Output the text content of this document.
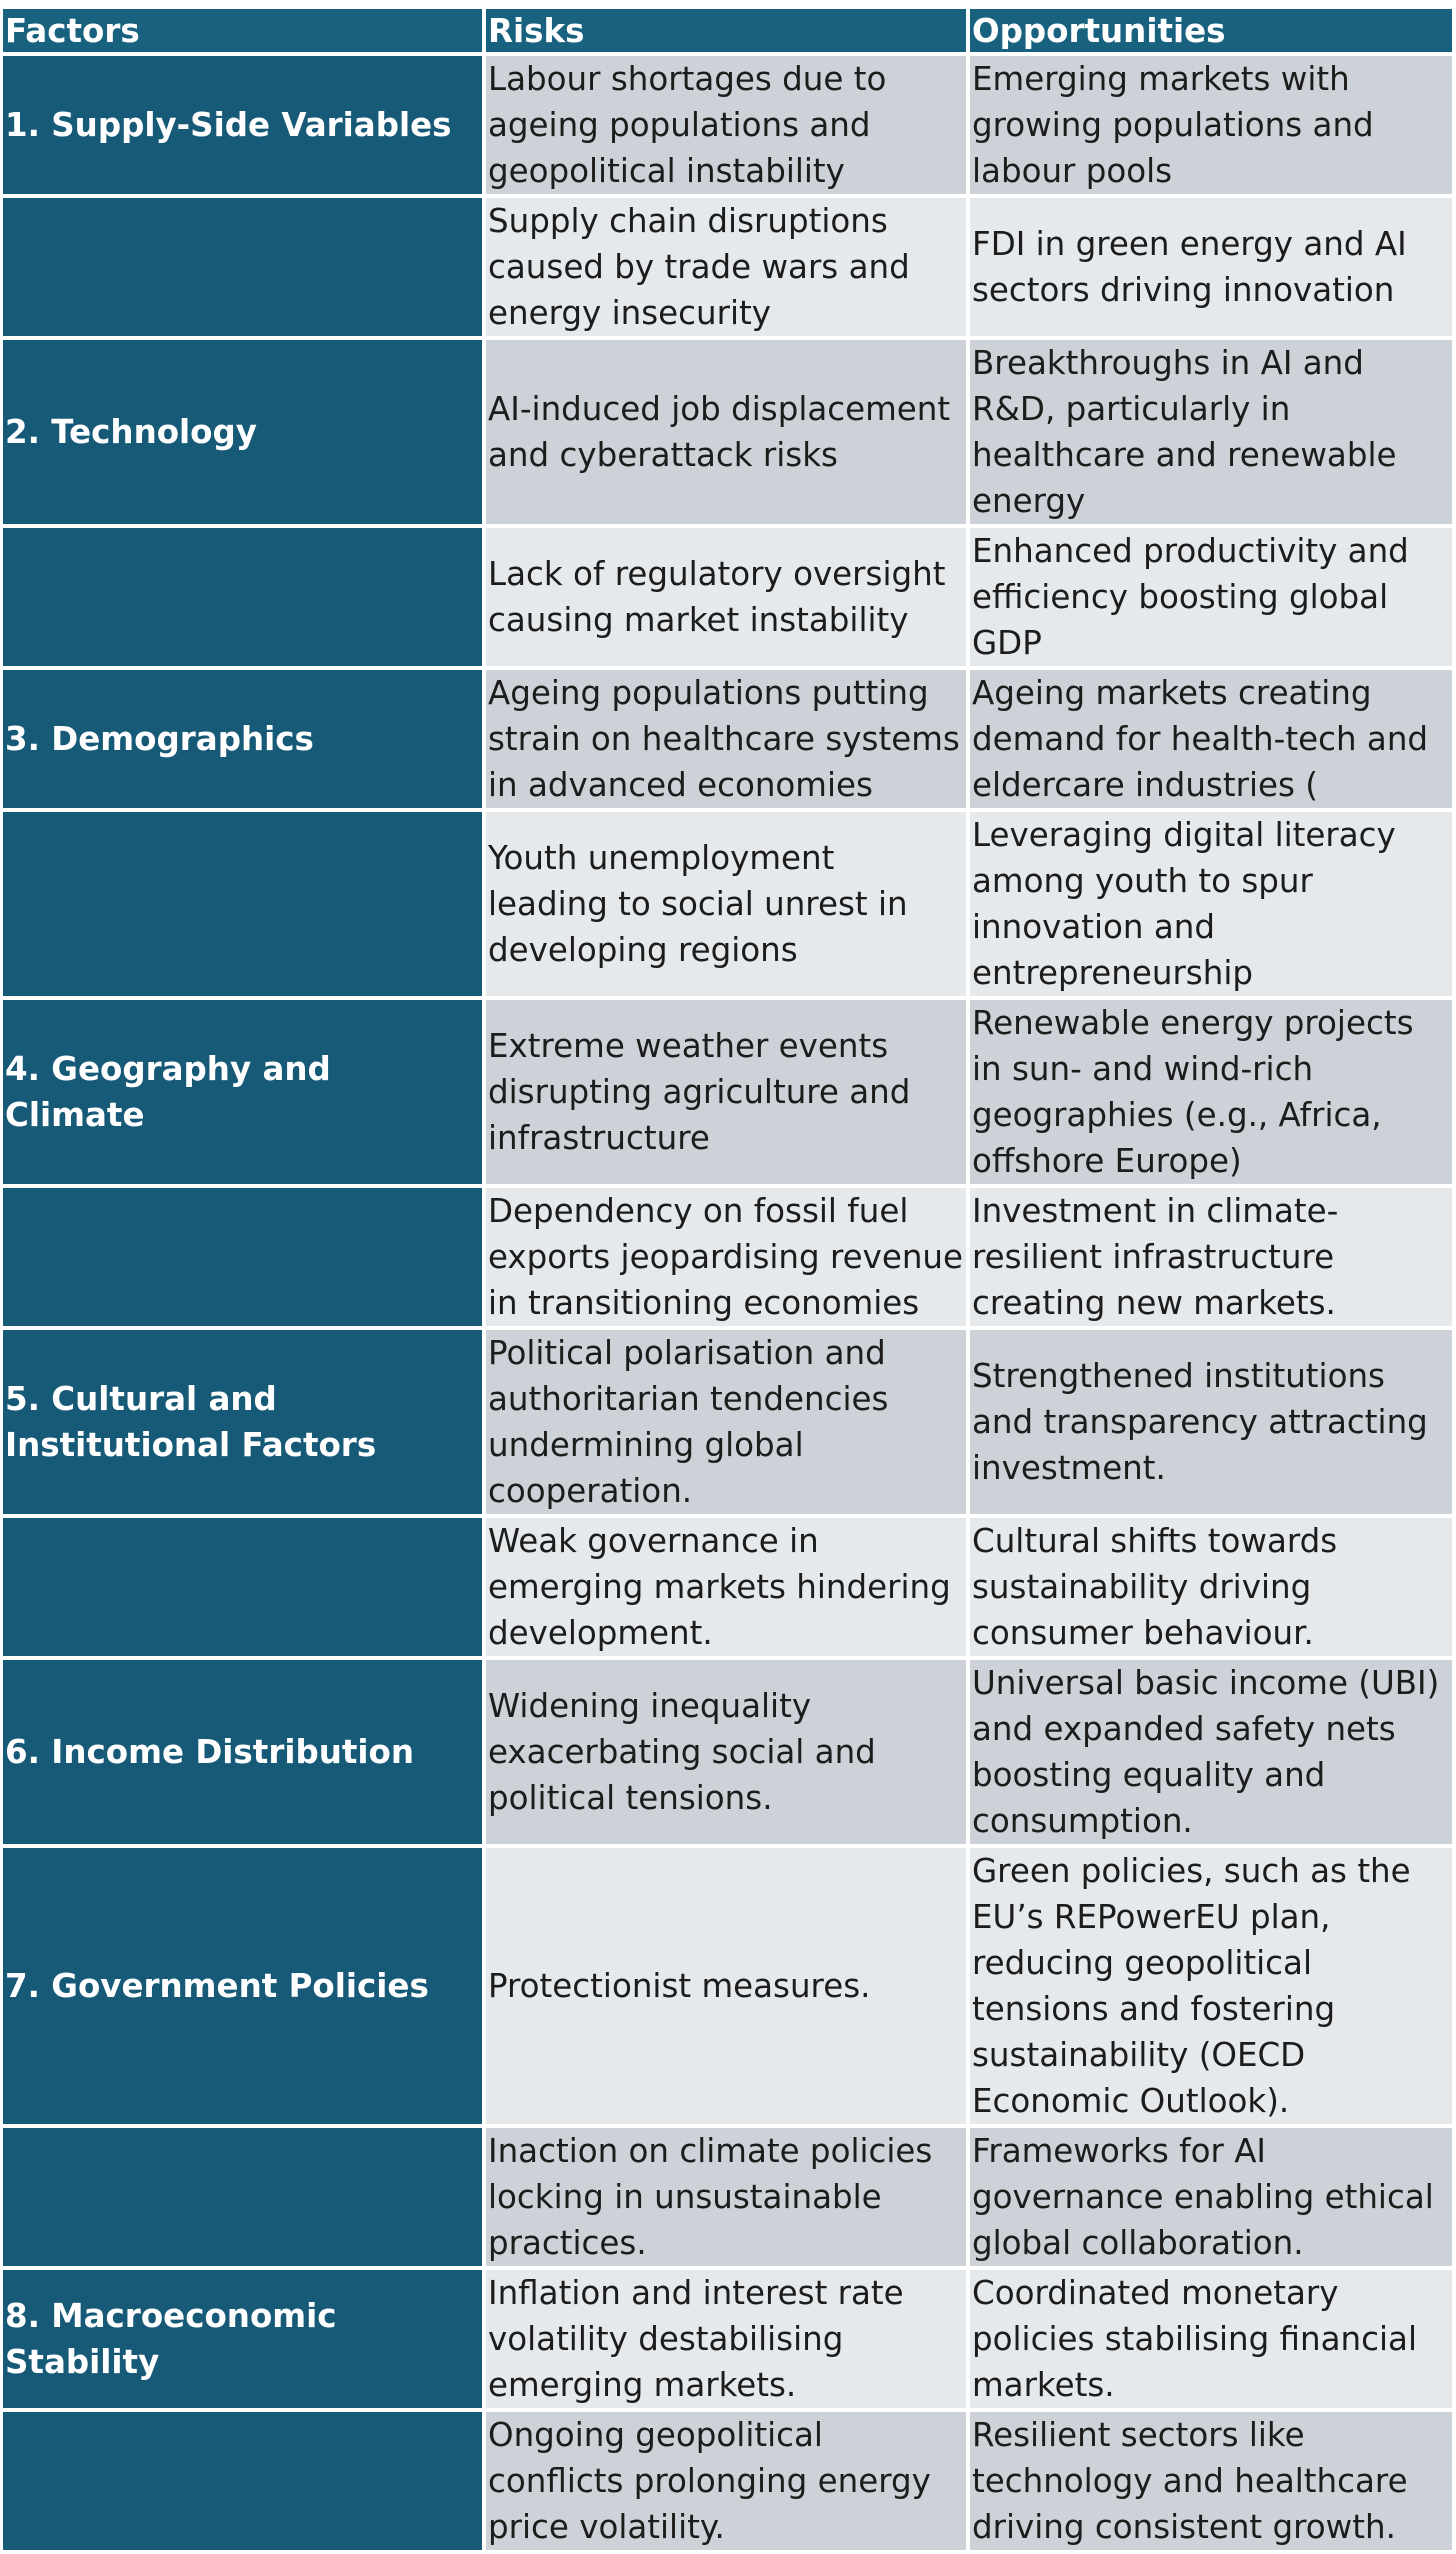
Factors	Risks	Opportunities
1. Supply-Side Variables	Labour shortages due to ageing populations and geopolitical instability	Emerging markets with growing populations and labour pools
	Supply chain disruptions caused by trade wars and energy insecurity	FDI in green energy and AI sectors driving innovation
2. Technology	AI-induced job displacement and cyberattack risks	Breakthroughs in AI and R&D, particularly in healthcare and renewable energy
	Lack of regulatory oversight causing market instability	Enhanced productivity and efficiency boosting global GDP
3. Demographics	Ageing populations putting strain on healthcare systems in advanced economies	Ageing markets creating demand for health-tech and eldercare industries (
	Youth unemployment leading to social unrest in developing regions	Leveraging digital literacy among youth to spur innovation and entrepreneurship
4. Geography and Climate	Extreme weather events disrupting agriculture and infrastructure	Renewable energy projects in sun- and wind-rich geographies (e.g., Africa, offshore Europe)
	Dependency on fossil fuel exports jeopardising revenue in transitioning economies	Investment in climate-resilient infrastructure creating new markets.
5. Cultural and Institutional Factors	Political polarisation and authoritarian tendencies undermining global cooperation.	Strengthened institutions and transparency attracting investment.
	Weak governance in emerging markets hindering development.	Cultural shifts towards sustainability driving consumer behaviour.
6. Income Distribution	Widening inequality exacerbating social and political tensions.	Universal basic income (UBI) and expanded safety nets boosting equality and consumption.
7. Government Policies	Protectionist measures.	Green policies, such as the EU’s REPowerEU plan, reducing geopolitical tensions and fostering sustainability (OECD Economic Outlook).
	Inaction on climate policies locking in unsustainable practices.	Frameworks for AI governance enabling ethical global collaboration.
8. Macroeconomic Stability	Inflation and interest rate volatility destabilising emerging markets.	Coordinated monetary policies stabilising financial markets.
	Ongoing geopolitical conflicts prolonging energy price volatility.	Resilient sectors like technology and healthcare driving consistent growth.
